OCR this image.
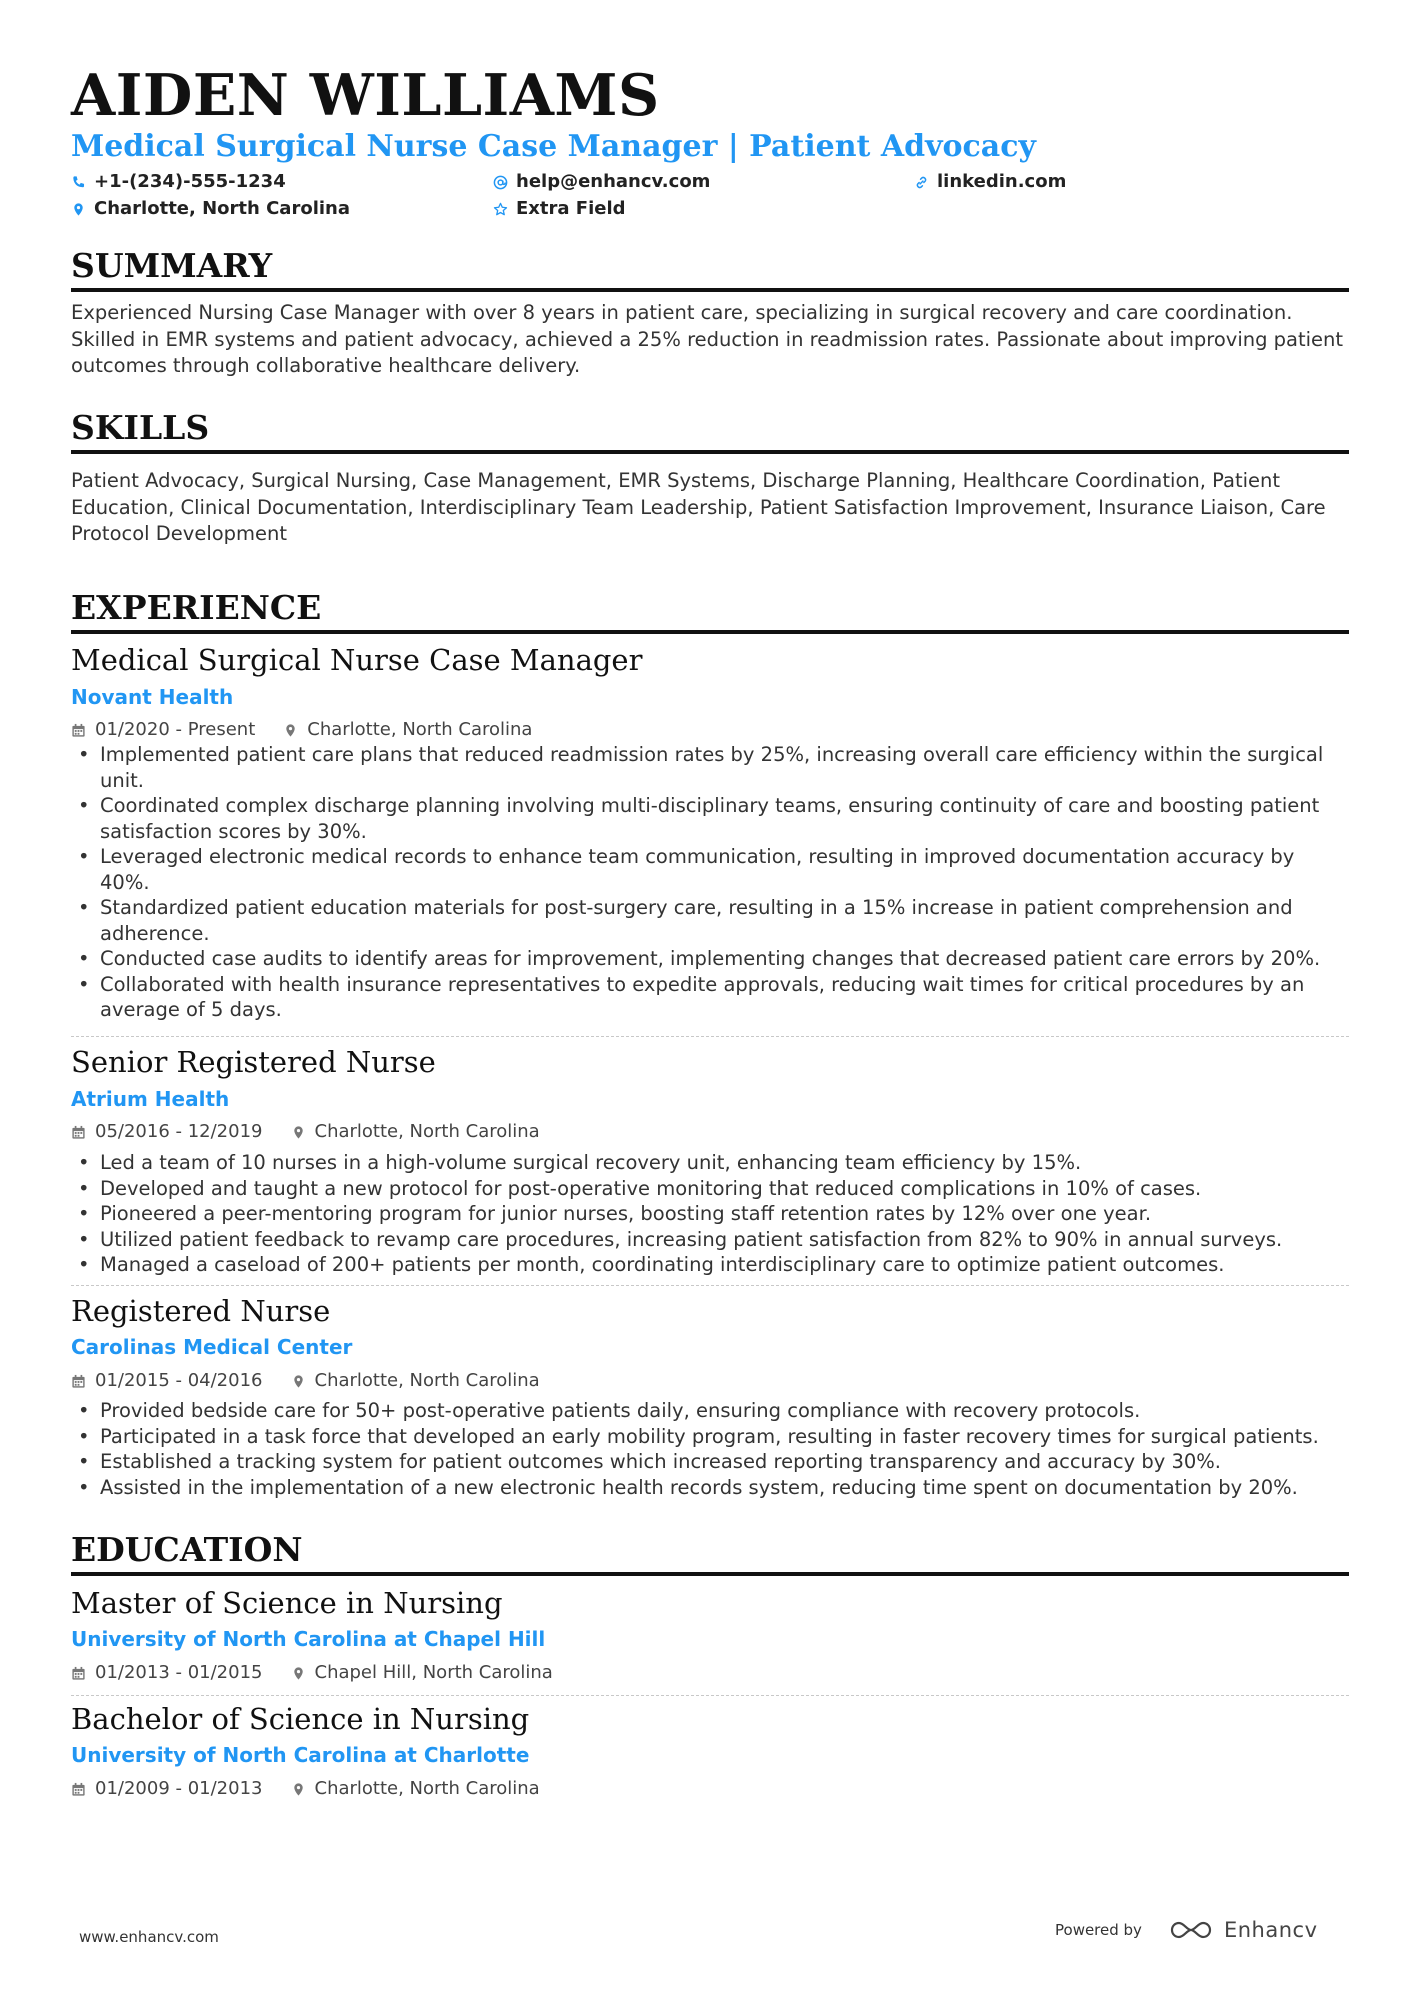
AIDEN WILLIAMS
Medical Surgical Nurse Case Manager | Patient Advocacy
+1-(234)-555-1234	help@enhancv.com	linkedin.com
Charlotte, North Carolina	Extra Field
SUMMARY
Experienced Nursing Case Manager with over 8 years in patient care, specializing in surgical recovery and care coordination. Skilled in EMR systems and patient advocacy, achieved a 25% reduction in readmission rates. Passionate about improving patient outcomes through collaborative healthcare delivery.
SKILLS
Patient Advocacy, Surgical Nursing, Case Management, EMR Systems, Discharge Planning, Healthcare Coordination, Patient Education, Clinical Documentation, Interdisciplinary Team Leadership, Patient Satisfaction Improvement, Insurance Liaison, Care Protocol Development
EXPERIENCE
Medical Surgical Nurse Case Manager
Novant Health
01/2020 - Present	Charlotte, North Carolina
• Implemented patient care plans that reduced readmission rates by 25%, increasing overall care efficiency within the surgical unit.
• Coordinated complex discharge planning involving multi-disciplinary teams, ensuring continuity of care and boosting patient satisfaction scores by 30%.
• Leveraged electronic medical records to enhance team communication, resulting in improved documentation accuracy by 40%.
• Standardized patient education materials for post-surgery care, resulting in a 15% increase in patient comprehension and adherence.
• Conducted case audits to identify areas for improvement, implementing changes that decreased patient care errors by 20%.
• Collaborated with health insurance representatives to expedite approvals, reducing wait times for critical procedures by an average of 5 days.
Senior Registered Nurse
Atrium Health
05/2016 - 12/2019	Charlotte, North Carolina
• Led a team of 10 nurses in a high-volume surgical recovery unit, enhancing team efficiency by 15%.
• Developed and taught a new protocol for post-operative monitoring that reduced complications in 10% of cases.
• Pioneered a peer-mentoring program for junior nurses, boosting staff retention rates by 12% over one year.
• Utilized patient feedback to revamp care procedures, increasing patient satisfaction from 82% to 90% in annual surveys.
• Managed a caseload of 200+ patients per month, coordinating interdisciplinary care to optimize patient outcomes.
Registered Nurse
Carolinas Medical Center
01/2015 - 04/2016	Charlotte, North Carolina
• Provided bedside care for 50+ post-operative patients daily, ensuring compliance with recovery protocols.
• Participated in a task force that developed an early mobility program, resulting in faster recovery times for surgical patients.
• Established a tracking system for patient outcomes which increased reporting transparency and accuracy by 30%.
• Assisted in the implementation of a new electronic health records system, reducing time spent on documentation by 20%.
EDUCATION
Master of Science in Nursing
University of North Carolina at Chapel Hill
01/2013 - 01/2015	Chapel Hill, North Carolina
Bachelor of Science in Nursing
University of North Carolina at Charlotte
01/2009 - 01/2013	Charlotte, North Carolina
www.enhancv.com	Powered by	Enhancv
